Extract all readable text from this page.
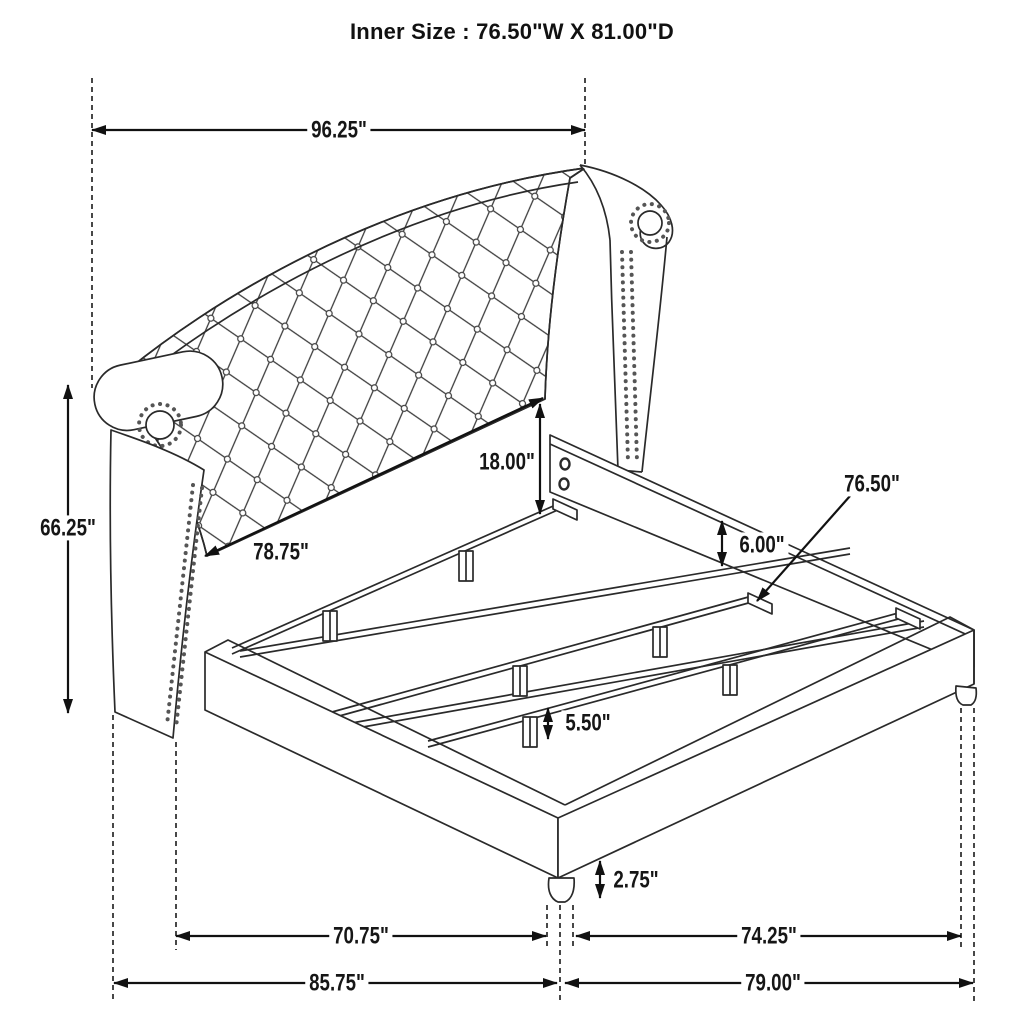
Inner Size : 76.50"W X 81.00"D
96.25"
66.25"
78.75"
18.00"
6.00"
76.50"
5.50"
2.75"
70.75"	74.25"
85.75"	79.00"
